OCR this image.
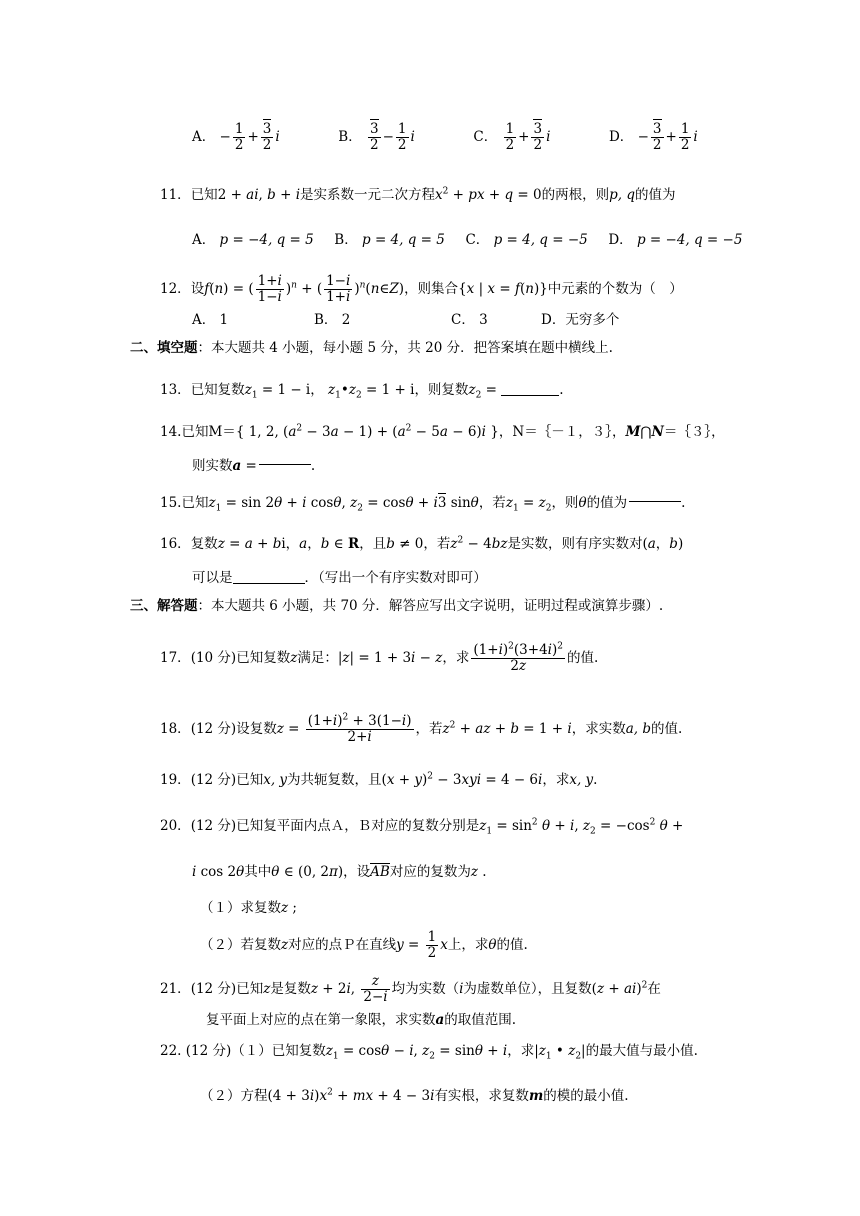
A． − $\frac{1}{2} + \frac{3}{2}$ i	B． $\frac{3}{2} - \frac{1}{2}$ i	C． $\frac{1}{2} + \frac{3}{2}$ i	D． − $\frac{3}{2} + \frac{1}{2}$ i
11．已知2 + ai, b + i是实系数一元二次方程$x^2$ + px + q = 0的两根，则p, q的值为
A． p = −4, q = 5 B． p = 4, q = 5 C． p = 4, q = −5 D． p = −4, q = −5
12．设f(n) = ( $\frac{1+i}{1-i} )^n$ + ( $\frac{1-i}{1+i}$ )$^n$(n∈Z)，则集合{x | x = f(n)}中元素的个数为（　）
A． 1	B． 2	C． 3	D．无穷多个
二、填空题：本大题共 4 小题，每小题 5 分，共 20 分．把答案填在题中横线上.
13．已知复数$z_1 = 1 - i$， $z_1•z_2 = 1 + i$，则复数$z_2$ =	.
14.已知M＝{ 1, 2, $(a^2 - 3a - 1) + (a^2 - 5a - 6)i$ }，N＝｛－１，３｝，M⋂N＝｛３｝，
则实数a =	.
15.已知$z_1 = \sin 2\theta + i$ cosθ, $z_2 = \cos\theta + i3$ sinθ，若$z_1 = z_2$，则θ的值为	.
16．复数z = a + bi，a，b ∈ R，且b ≠ 0，若$z^2 - 4bz$是实数，则有序实数对(a，b)
可以是	．（写出一个有序实数对即可）
三、解答题：本大题共 6 小题，共 70 分．解答应写出文字说明，证明过程或演算步骤）.
17．(10 分)已知复数z满足：|z| = 1 + 3i − z，求 $\frac{(1+i)^2(3+4i)^2}{2z}$ 的值.
18．(12 分)设复数$z = \frac{(1+i)^2 + 3(1-i)}{2+i}$ ，若$z^2$ + az + b = 1 + i，求实数a, b的值.
19．(12 分)已知x, y为共轭复数，且$(x + y)^2 - 3xyi = 4 - 6i$，求x, y.
20．(12 分)已知复平面内点Ａ，Ｂ对应的复数分别是$z_1 = \sin^2 \theta + i$, $z_2 = -\cos^2$ θ +
i cos 2θ其中θ ∈ (0, 2π)，设AB对应的复数为z .
（１）求复数z ;
（２）若复数z对应的点Ｐ在直线$y = \frac{1}{2}$ x上，求θ的值.
21．(12 分)已知z是复数z + 2i, $\frac{z}{2-i}$ 均为实数（i为虚数单位），且复数(z + ai)$^2$在
复平面上对应的点在第一象限，求实数a的取值范围.
22. (12 分)（１）已知复数$z_1 = \cos\theta - i$, $z_2 = \sin\theta + i$，求$|z_1$ • $z_2|$的最大值与最小值.
（２）方程$(4 + 3i)x^2$ + mx + 4 − 3i有实根，求复数m的模的最小值.
